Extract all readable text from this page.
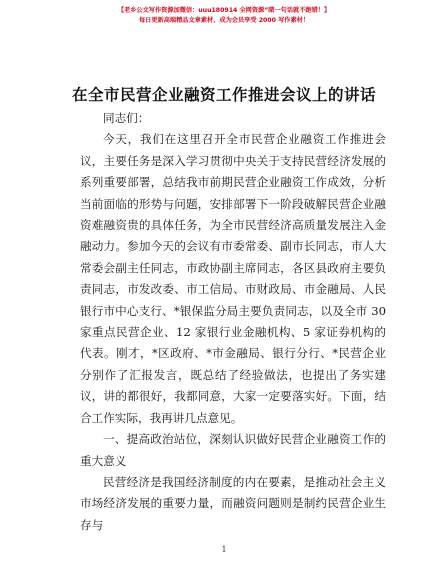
【老乡公文写作资源加微信：uuu180914 全网资源”睹一句话就不跑错！】
每日更新高端精品文章素材，成为会员享受 2000 写作素材！
在全市民营企业融资工作推进会议上的讲话

同志们：

今天，我们在这里召开全市民营企业融资工作推进会议，主要任务是深入学习贯彻中央关于支持民营经济发展的系列重要部署，总结我市前期民营企业融资工作成效，分析当前面临的形势与问题，安排部署下一阶段破解民营企业融资难融资贵的具体任务，为全市民营经济高质量发展注入金融动力。参加今天的会议有市委常委、副市长同志，市人大常委会副主任同志，市政协副主席同志，各区县政府主要负责同志，市发改委、市工信局、市财政局、市金融局、人民银行市中心支行、*银保监分局主要负责同志，以及全市 30 家重点民营企业、12 家银行业金融机构、5 家证券机构的代表。刚才，*区政府、*市金融局、银行分行、*民营企业分别作了汇报发言，既总结了经验做法，也提出了务实建议，讲的都很好，我都同意，大家一定要落实好。下面，结合工作实际，我再讲几点意见。

一、提高政治站位，深刻认识做好民营企业融资工作的重大意义

民营经济是我国经济制度的内在要素，是推动社会主义市场经济发展的重要力量，而融资问题则是制约民营企业生存与

1
